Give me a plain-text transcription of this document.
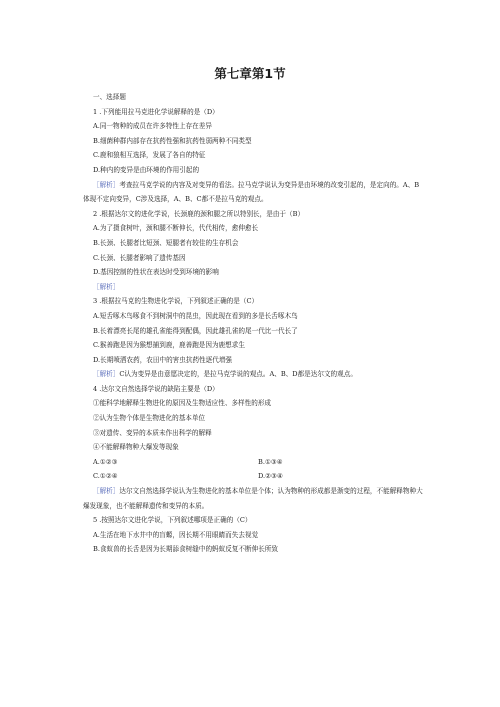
第七章第1节
一、选择题
1 .下列能用拉马克进化学说解释的是（D）
A.同一物种的成员在许多特性上存在差异
B.细菌种群内部存在抗药性强和抗药性弱两种不同类型
C.鹿和狼相互选择，发展了各自的特征
D.种内的变异是由环境的作用引起的
［解析］考查拉马克学说的内容及对变异的看法。拉马克学说认为变异是由环境的改变引起的，是定向的。A、B体现不定向变异，C涉及选择，A、B、C都不是拉马克的观点。
2 .根据达尔文的进化学说，长颈鹿的颈和腿之所以特别长，是由于（B）
A.为了摄食树叶，颈和腿不断伸长，代代相传，愈伸愈长
B.长颈、长腿者比短颈、短腿者有较佳的生存机会
C.长颈、长腿者影响了遗传基因
D.基因控制的性状在表达时受到环境的影响
［解析］
3 .根据拉马克的生物进化学说，下列叙述正确的是（C）
A.短舌啄木鸟啄食不到树洞中的昆虫，因此现在看到的多是长舌啄木鸟
B.长着漂亮长尾的雄孔雀能得到配偶，因此雄孔雀的尾一代比一代长了
C.猴善跑是因为猴想捕到鹿，鹿善跑是因为鹿想求生
D.长期喷洒农药，农田中的害虫抗药性逐代增强
［解析］C认为变异是由意愿决定的，是拉马克学说的观点。A、B、D都是达尔文的观点。
4 .达尔文自然选择学说的缺陷主要是（D）
①能科学地解释生物进化的原因及生物适应性、多样性的形成
②认为生物个体是生物进化的基本单位
③对遗传、变异的本质未作出科学的解释
④不能解释物种大爆发等现象
A.①②③	B.①③④
C.①②④	D.②③④
［解析］达尔文自然选择学说认为生物进化的基本单位是个体；认为物种的形成都是渐变的过程，不能解释物种大爆发现象，也不能解释遗传和变异的本质。
5 .按照达尔文进化学说，下列叙述哪项是正确的（C）
A.生活在地下水井中的盲螈，因长期不用眼睛而失去视觉
B.食蚁兽的长舌是因为长期舔食树缝中的蚂蚁反复不断伸长所致
